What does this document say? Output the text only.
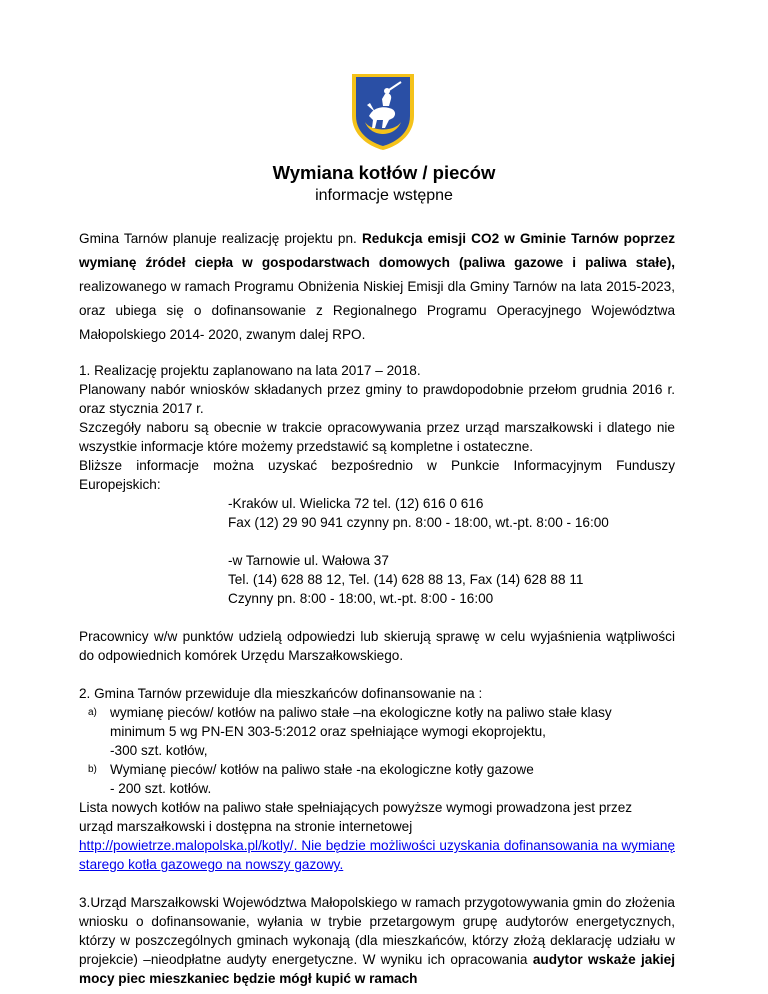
Wymiana kotłów / pieców
informacje wstępne

Gmina Tarnów planuje realizację projektu pn. Redukcja emisji CO2 w Gminie Tarnów poprzez wymianę źródeł ciepła w gospodarstwach domowych (paliwa gazowe i paliwa stałe), realizowanego w ramach Programu Obniżenia Niskiej Emisji dla Gminy Tarnów na lata 2015-2023, oraz ubiega się o dofinansowanie z Regionalnego Programu Operacyjnego Województwa Małopolskiego 2014- 2020, zwanym dalej RPO.

1. Realizację projektu zaplanowano na lata 2017 – 2018.

Planowany nabór wniosków składanych przez gminy to prawdopodobnie przełom grudnia 2016 r. oraz stycznia 2017 r.

Szczegóły naboru są obecnie w trakcie opracowywania przez urząd marszałkowski i dlatego nie wszystkie informacje które możemy przedstawić są kompletne i ostateczne.

Bliższe informacje można uzyskać bezpośrednio w Punkcie Informacyjnym Funduszy Europejskich:

-Kraków ul. Wielicka 72 tel. (12) 616 0 616

Fax (12) 29 90 941 czynny pn. 8:00 - 18:00, wt.-pt. 8:00 - 16:00

-w Tarnowie ul. Wałowa 37

Tel. (14) 628 88 12, Tel. (14) 628 88 13, Fax (14) 628 88 11

Czynny pn. 8:00 - 18:00, wt.-pt. 8:00 - 16:00

Pracownicy w/w punktów udzielą odpowiedzi lub skierują sprawę w celu wyjaśnienia wątpliwości do odpowiednich komórek Urzędu Marszałkowskiego.

2. Gmina Tarnów przewiduje dla mieszkańców dofinansowanie na :

a) wymianę pieców/ kotłów na paliwo stałe –na ekologiczne kotły na paliwo stałe klasy
minimum 5 wg PN-EN 303-5:2012 oraz spełniające wymogi ekoprojektu,
-300 szt. kotłów,
b) Wymianę pieców/ kotłów na paliwo stałe -na ekologiczne kotły gazowe
- 200 szt. kotłów.

Lista nowych kotłów na paliwo stałe spełniających powyższe wymogi prowadzona jest przez

urząd marszałkowski i dostępna na stronie internetowej

http://powietrze.malopolska.pl/kotly/. Nie będzie możliwości uzyskania dofinansowania na wymianę starego kotła gazowego na nowszy gazowy.

3.Urząd Marszałkowski Województwa Małopolskiego w ramach przygotowywania gmin do złożenia wniosku o dofinansowanie, wyłania w trybie przetargowym grupę audytorów energetycznych, którzy w poszczególnych gminach wykonają (dla mieszkańców, którzy złożą deklarację udziału w projekcie) –nieodpłatne audyty energetyczne. W wyniku ich opracowania audytor wskaże jakiej mocy piec mieszkaniec będzie mógł kupić w ramach
